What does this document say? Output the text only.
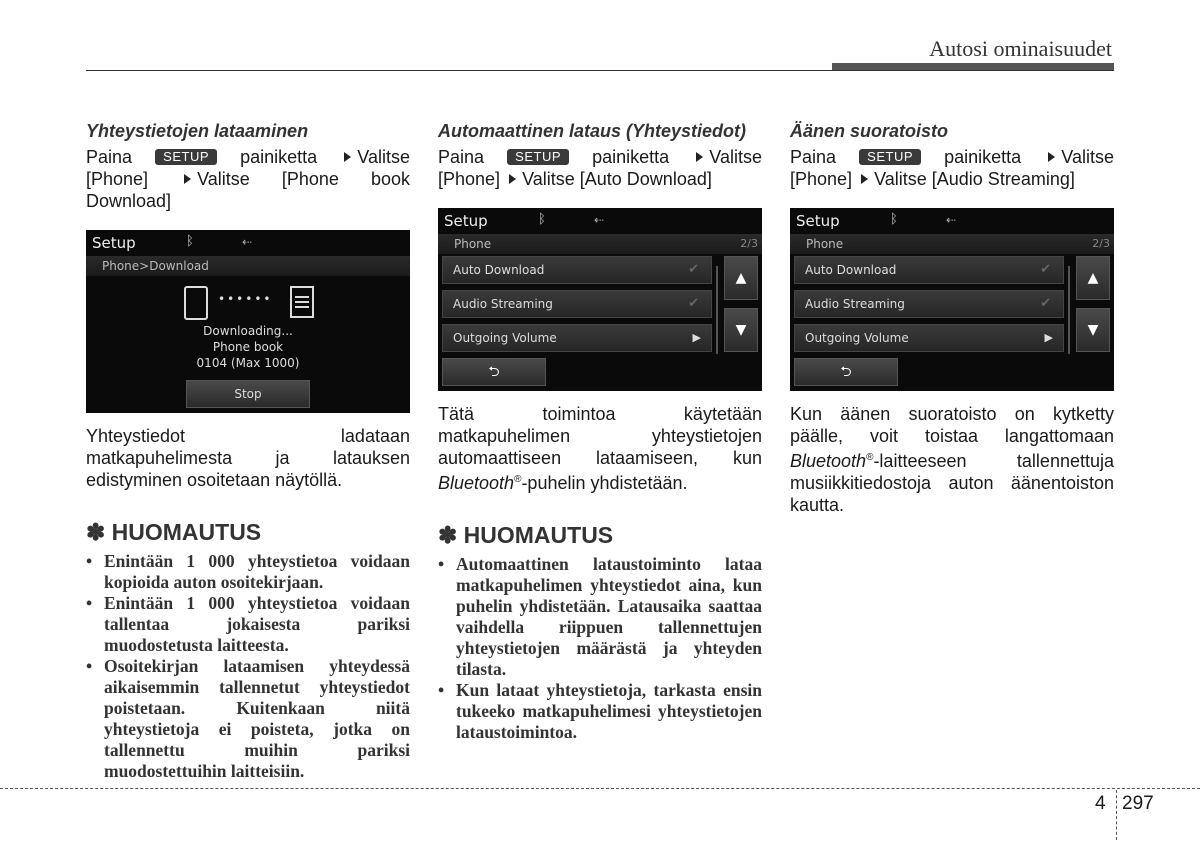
Autosi ominaisuudet

Yhteystietojen lataaminen

Paina SETUP painiketta Valitse [Phone]	Valitse [Phone book Download]

Setup	ᛒ	⇠
Phone>Download
••••••
Downloading...
Phone book
0104 (Max 1000)
Stop

Yhteystiedot ladataan matkapuhelimesta ja latauksen edistyminen osoitetaan näytöllä.

✽ HUOMAUTUS

• Enintään 1 000 yhteystietoa voidaan kopioida auton osoitekirjaan.
• Enintään 1 000 yhteystietoa voidaan tallentaa jokaisesta pariksi muodostetusta laitteesta.
• Osoitekirjan lataamisen yhteydessä aikaisemmin tallennetut yhteystiedot poistetaan. Kuitenkaan niitä yhteystietoja ei poisteta, jotka on tallennettu muihin pariksi muodostettuihin laitteisiin.

Automaattinen lataus (Yhteystiedot)

Paina SETUP painiketta Valitse [Phone] Valitse [Auto Download]

Setup	ᛒ	⇠
Phone	2/3
Auto Download	✔
Audio Streaming	✔
Outgoing Volume	▶
▲
▼
⮌

Tätä toimintoa käytetään matkapuhelimen yhteystietojen automaattiseen lataamiseen, kun Bluetooth®-puhelin yhdistetään.

✽ HUOMAUTUS

• Automaattinen lataustoiminto lataa matkapuhelimen yhteystiedot aina, kun puhelin yhdistetään. Latausaika saattaa vaihdella riippuen tallennettujen yhteystietojen määrästä ja yhteyden tilasta.
• Kun lataat yhteystietoja, tarkasta ensin tukeeko matkapuhelimesi yhteystietojen lataustoimintoa.

Äänen suoratoisto

Paina SETUP painiketta Valitse [Phone] Valitse [Audio Streaming]

Setup	ᛒ	⇠
Phone	2/3
Auto Download	✔
Audio Streaming	✔
Outgoing Volume	▶
▲
▼
⮌

Kun äänen suoratoisto on kytketty päälle, voit toistaa langattomaan Bluetooth®-laitteeseen tallennettuja musiikkitiedostoja auton äänentoiston kautta.

4 297
